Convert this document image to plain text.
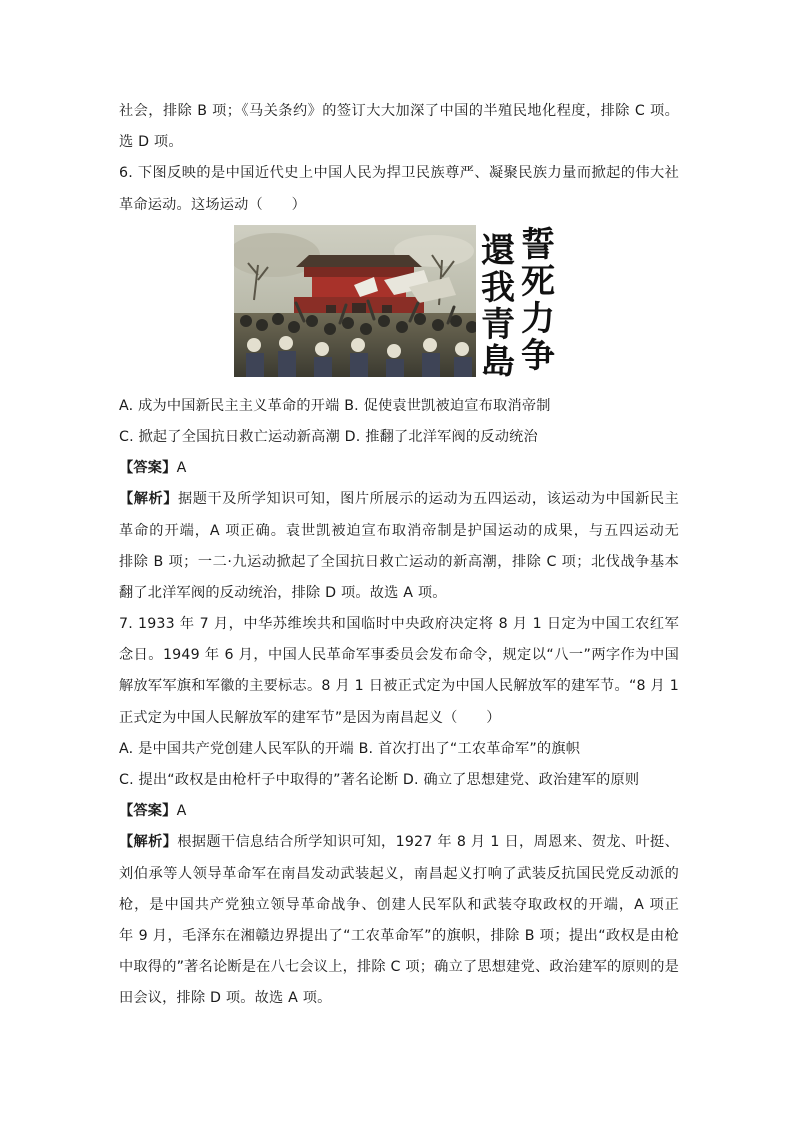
社会，排除 B 项；《马关条约》的签订大大加深了中国的半殖民地化程度，排除 C 项。
选 D 项。
6. 下图反映的是中国近代史上中国人民为捍卫民族尊严、凝聚民族力量而掀起的伟大社
革命运动。这场运动（　　）
誓
死
力
争
還
我
青
島
A. 成为中国新民主主义革命的开端 B. 促使袁世凯被迫宣布取消帝制
C. 掀起了全国抗日救亡运动新高潮 D. 推翻了北洋军阀的反动统治
【答案】A
【解析】据题干及所学知识可知，图片所展示的运动为五四运动，该运动为中国新民主
革命的开端，A 项正确。袁世凯被迫宣布取消帝制是护国运动的成果，与五四运动无
排除 B 项；一二·九运动掀起了全国抗日救亡运动的新高潮，排除 C 项；北伐战争基本
翻了北洋军阀的反动统治，排除 D 项。故选 A 项。
7. 1933 年 7 月，中华苏维埃共和国临时中央政府决定将 8 月 1 日定为中国工农红军
念日。1949 年 6 月，中国人民革命军事委员会发布命令，规定以“八一”两字作为中国
解放军军旗和军徽的主要标志。8 月 1 日被正式定为中国人民解放军的建军节。“8 月 1
正式定为中国人民解放军的建军节”是因为南昌起义（　　）
A. 是中国共产党创建人民军队的开端 B. 首次打出了“工农革命军”的旗帜
C. 提出“政权是由枪杆子中取得的”著名论断 D. 确立了思想建党、政治建军的原则
【答案】A
【解析】根据题干信息结合所学知识可知，1927 年 8 月 1 日，周恩来、贺龙、叶挺、
刘伯承等人领导革命军在南昌发动武装起义，南昌起义打响了武装反抗国民党反动派的
枪，是中国共产党独立领导革命战争、创建人民军队和武装夺取政权的开端，A 项正
年 9 月，毛泽东在湘赣边界提出了“工农革命军”的旗帜，排除 B 项；提出“政权是由枪
中取得的”著名论断是在八七会议上，排除 C 项；确立了思想建党、政治建军的原则的是
田会议，排除 D 项。故选 A 项。
